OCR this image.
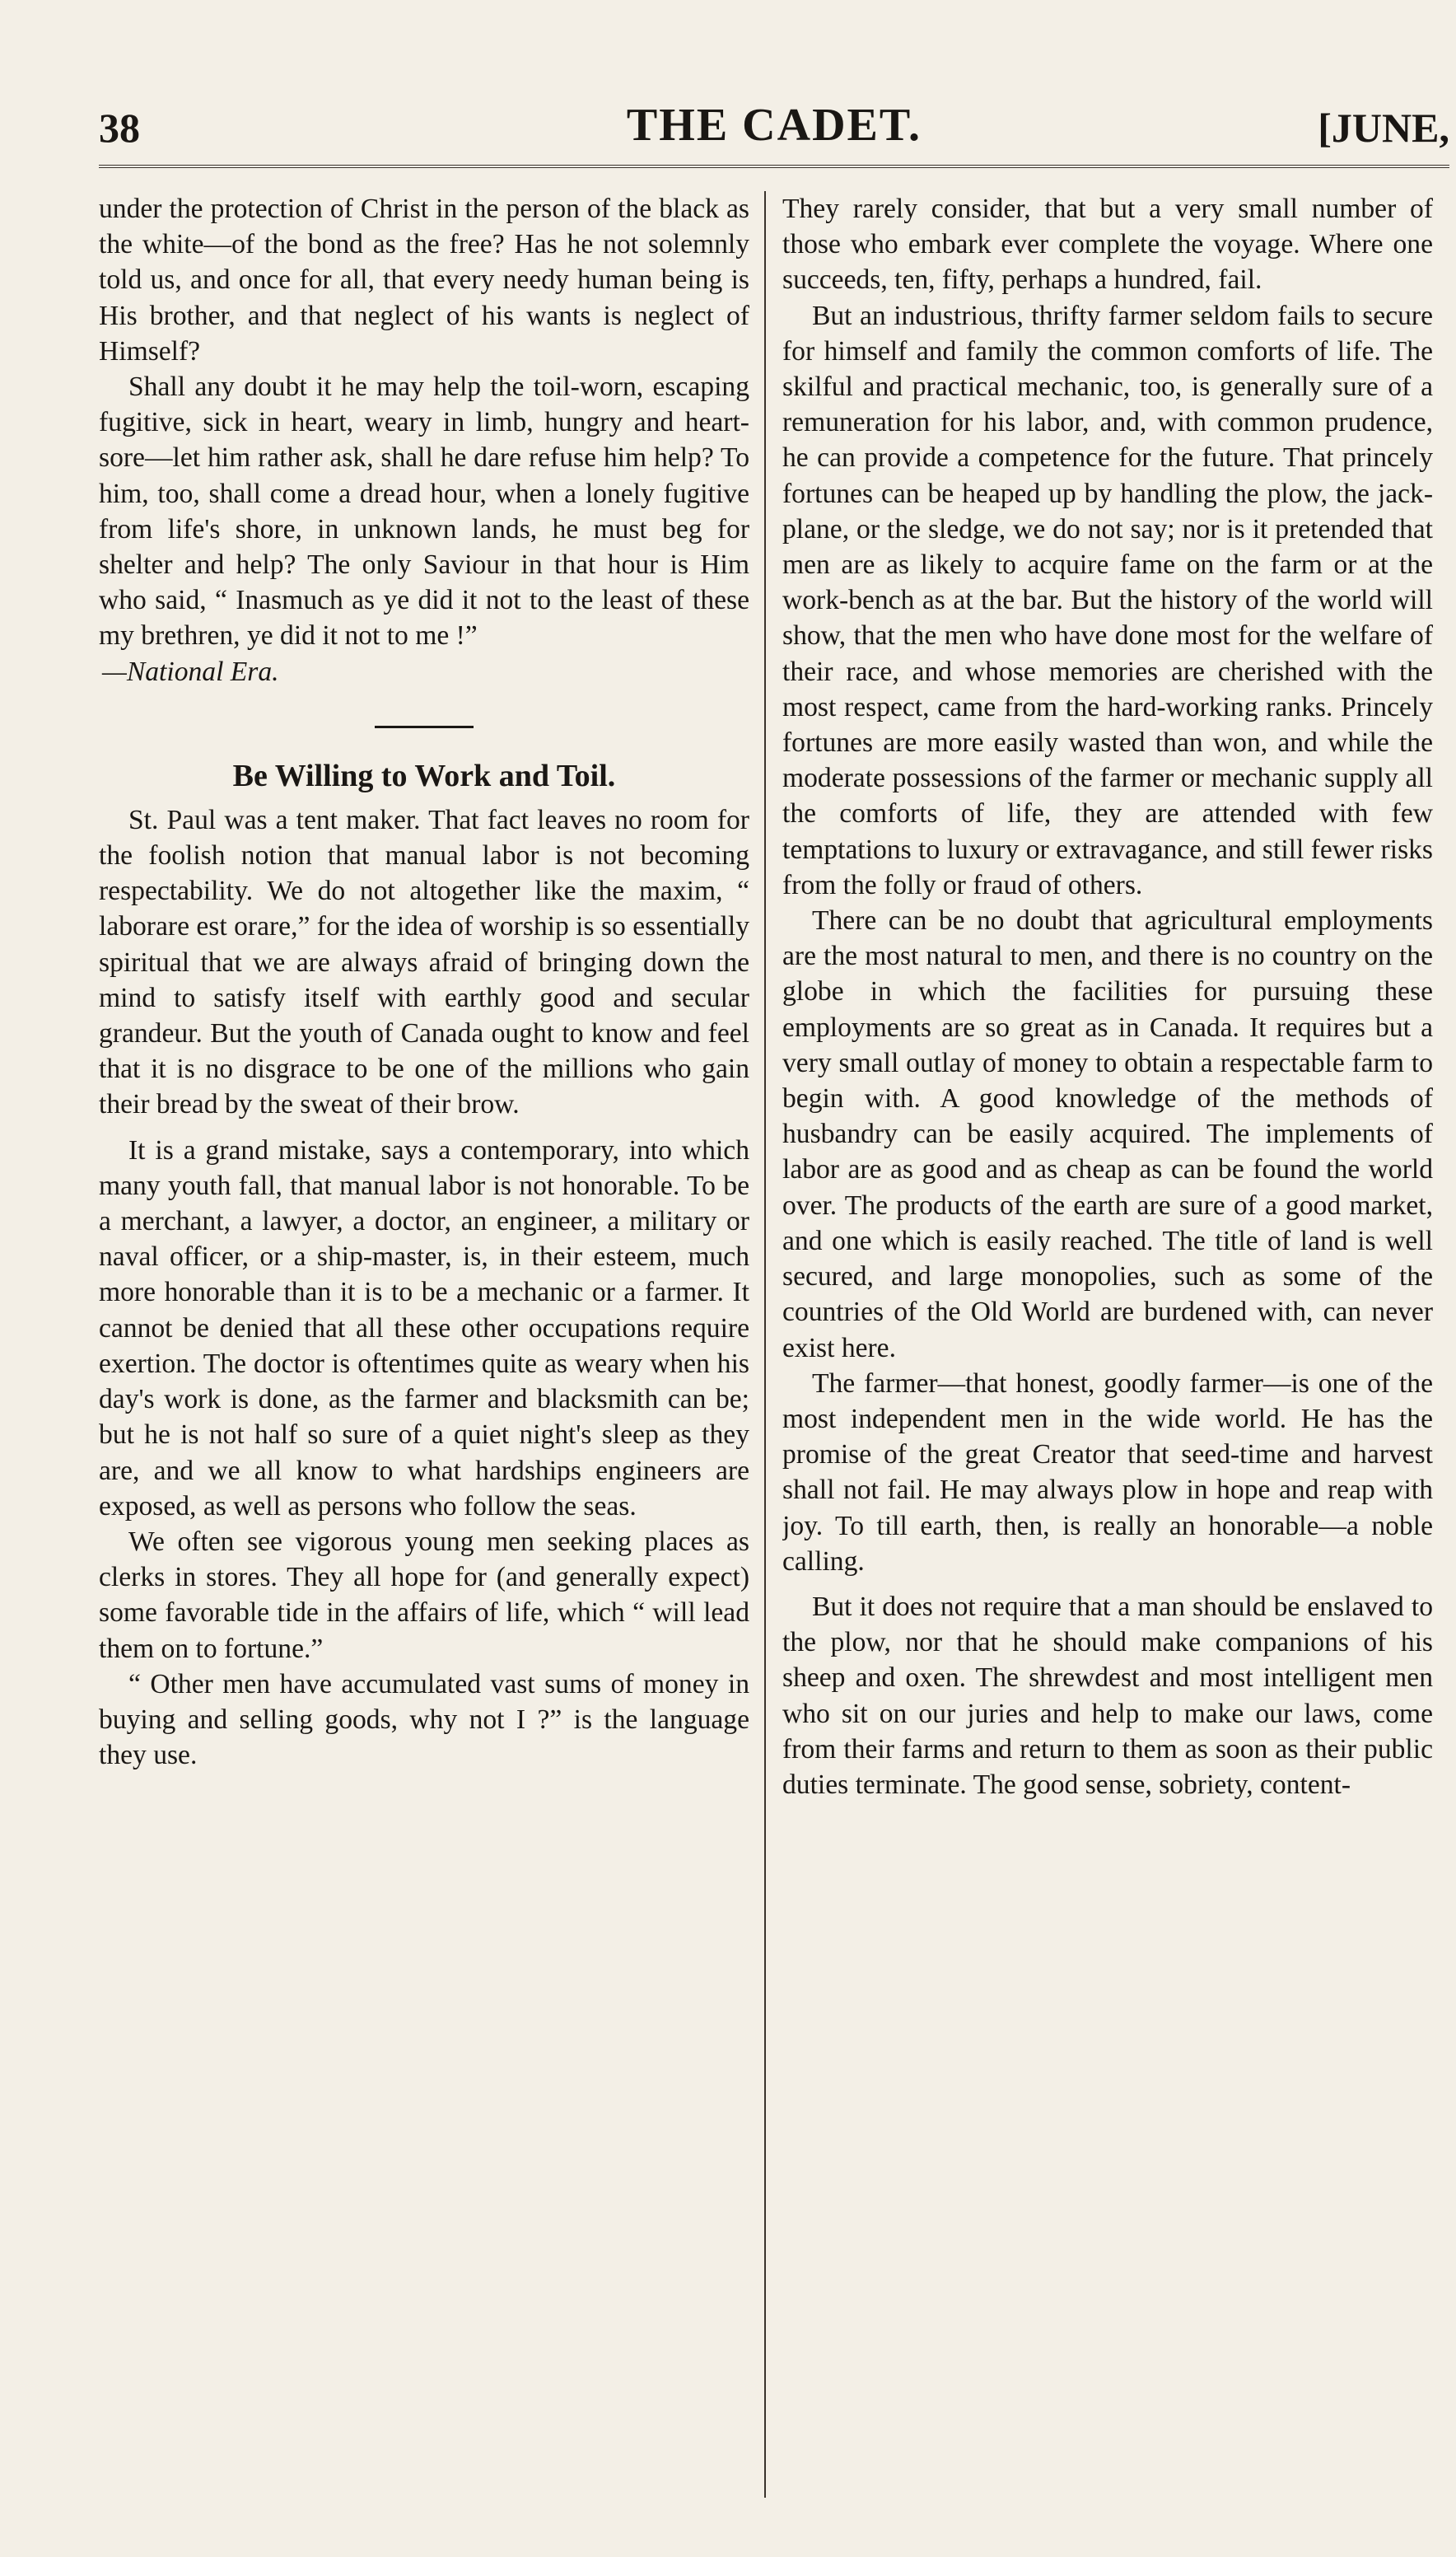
38	THE CADET.	[JUNE,

under the protection of Christ in the person of the black as the white—of the bond as the free? Has he not solemnly told us, and once for all, that every needy human being is His brother, and that neglect of his wants is neglect of Himself?

Shall any doubt it he may help the toil-worn, escaping fugitive, sick in heart, weary in limb, hungry and heart-sore—let him rather ask, shall he dare refuse him help? To him, too, shall come a dread hour, when a lonely fugitive from life's shore, in unknown lands, he must beg for shelter and help? The only Saviour in that hour is Him who said, “ Inasmuch as ye did it not to the least of these my brethren, ye did it not to me !”

—National Era.

Be Willing to Work and Toil.

St. Paul was a tent maker. That fact leaves no room for the foolish notion that manual labor is not becoming respectability. We do not altogether like the maxim, “ laborare est orare,” for the idea of worship is so essentially spiritual that we are always afraid of bringing down the mind to satisfy itself with earthly good and secular grandeur. But the youth of Canada ought to know and feel that it is no disgrace to be one of the millions who gain their bread by the sweat of their brow.

It is a grand mistake, says a contemporary, into which many youth fall, that manual labor is not honorable. To be a merchant, a lawyer, a doctor, an engineer, a military or naval officer, or a ship-master, is, in their esteem, much more honorable than it is to be a mechanic or a farmer. It cannot be denied that all these other occupations require exertion. The doctor is oftentimes quite as weary when his day's work is done, as the farmer and blacksmith can be; but he is not half so sure of a quiet night's sleep as they are, and we all know to what hardships engineers are exposed, as well as persons who follow the seas.

We often see vigorous young men seeking places as clerks in stores. They all hope for (and generally expect) some favorable tide in the affairs of life, which “ will lead them on to fortune.”

“ Other men have accumulated vast sums of money in buying and selling goods, why not I ?” is the language they use.

They rarely consider, that but a very small number of those who embark ever complete the voyage. Where one succeeds, ten, fifty, perhaps a hundred, fail.

But an industrious, thrifty farmer seldom fails to secure for himself and family the common comforts of life. The skilful and practical mechanic, too, is generally sure of a remuneration for his labor, and, with common prudence, he can provide a competence for the future. That princely fortunes can be heaped up by handling the plow, the jack-plane, or the sledge, we do not say; nor is it pretended that men are as likely to acquire fame on the farm or at the work-bench as at the bar. But the history of the world will show, that the men who have done most for the welfare of their race, and whose memories are cherished with the most respect, came from the hard-working ranks. Princely fortunes are more easily wasted than won, and while the moderate possessions of the farmer or mechanic supply all the comforts of life, they are attended with few temptations to luxury or extravagance, and still fewer risks from the folly or fraud of others.

There can be no doubt that agricultural employments are the most natural to men, and there is no country on the globe in which the facilities for pursuing these employments are so great as in Canada. It requires but a very small outlay of money to obtain a respectable farm to begin with. A good knowledge of the methods of husbandry can be easily acquired. The implements of labor are as good and as cheap as can be found the world over. The products of the earth are sure of a good market, and one which is easily reached. The title of land is well secured, and large monopolies, such as some of the countries of the Old World are burdened with, can never exist here.

The farmer—that honest, goodly farmer—is one of the most independent men in the wide world. He has the promise of the great Creator that seed-time and harvest shall not fail. He may always plow in hope and reap with joy. To till earth, then, is really an honorable—a noble calling.

But it does not require that a man should be enslaved to the plow, nor that he should make companions of his sheep and oxen. The shrewdest and most intelligent men who sit on our juries and help to make our laws, come from their farms and return to them as soon as their public duties terminate. The good sense, sobriety, content-
